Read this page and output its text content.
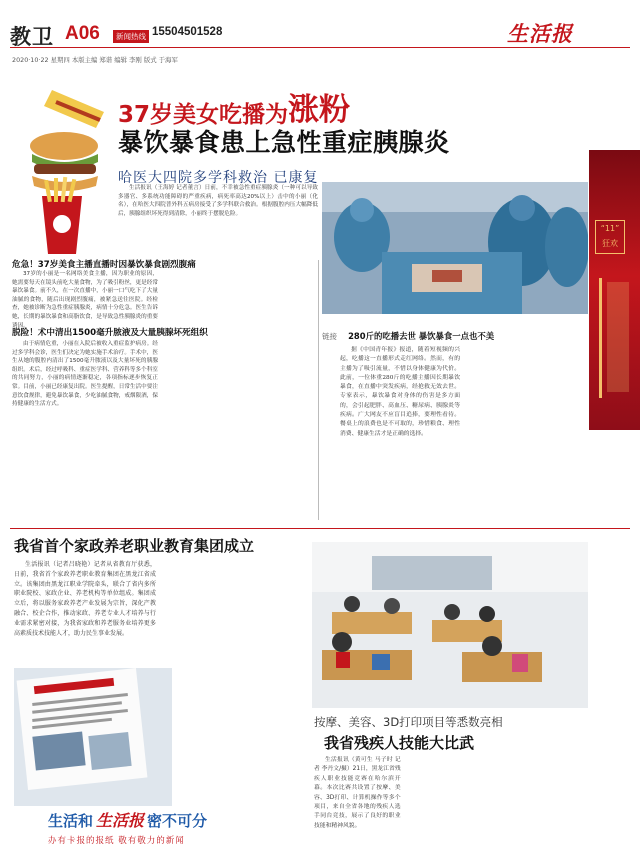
教卫 A06	新闻热线 15504501528
2020·10·22 星期四 本版主编 郑谐 编辑 李刚 版式 于海军
生活报
“11”
狂欢
37岁美女吃播为涨粉
暴饮暴食患上急性重症胰腺炎
哈医大四院多学科救治 已康复
生活报讯（王海婷 记者董言）日前，不幸被急性重症胰腺炎（一种可以导致多器官、多系统功能障碍的严重疾病，病死率高达20%以上）击中的小丽（化名），在哈医大四院普外科五病房接受了多学科联合救治。根据腹腔内压大幅降低后，胰腺组织坏死得到清除，小丽终于摆脱危险。
危急！37岁美食主播直播时因暴饮暴食剧烈腹痛
37岁的小丽是一名网络美食主播，因为职业的原因，她需要每天在镜头前吃大量食物，为了吸引粉丝，更是经常暴饮暴食。前不久，在一次直播中，小丽一口气吃下了大量油腻的食物，随后出现剧烈腹痛，被紧急送往医院。经检查，她被诊断为急性重症胰腺炎，病情十分危急。医生告诉她，长期的暴饮暴食和高脂饮食，是导致急性胰腺炎的重要诱因。
脱险！术中清出1500毫升脓液及大量胰腺坏死组织
由于病情危重，小丽在入院后被收入重症监护病房。经过多学科会诊，医生们决定为她实施手术治疗。手术中，医生从她的腹腔内清出了1500毫升脓液以及大量坏死的胰腺组织。术后，经过呼吸科、重症医学科、营养科等多个科室的共同努力，小丽的病情逐渐稳定，各项指标逐步恢复正常。目前，小丽已经康复出院。医生提醒，日常生活中要注意饮食规律，避免暴饮暴食，少吃油腻食物，戒烟限酒，保持健康的生活方式。
链接 280斤的吃播去世 暴饮暴食一点也不美
据《中国青年报》报道，随着短视频的兴起，吃播这一直播形式走红网络。然而，有的主播为了吸引流量，不惜以身体健康为代价。此前，一位体重280斤的吃播主播因长期暴饮暴食，在直播中突发疾病，经抢救无效去世。专家表示，暴饮暴食对身体的伤害是多方面的，会引起肥胖、高血压、糖尿病、胰腺炎等疾病。广大网友不应盲目追捧，要理性看待。餐桌上的浪费也是不可取的，珍惜粮食、理性消费、健康生活才是正确的选择。
我省首个家政养老职业教育集团成立
生活报讯（记者吕晓艳）记者从省教育厅获悉，日前，我省首个家政养老职业教育集团在黑龙江省成立。该集团由黑龙江职业学院牵头，联合了省内多所职业院校、家政企业、养老机构等单位组成。集团成立后，将以服务家政养老产业发展为宗旨，深化产教融合、校企合作，推动家政、养老专业人才培养与行业需求紧密对接，为我省家政和养老服务业培养更多高素质技术技能人才，助力民生事业发展。
按摩、美容、3D打印项目等悉数亮相
我省残疾人技能大比武
生活报讯（黄可生 马子时 记者 李丹文/摄）21日，黑龙江省残疾人职业技能竞赛在哈尔滨开幕。本次比赛共设置了按摩、美容、3D打印、计算机操作等多个项目，来自全省各地的残疾人选手同台竞技，展示了良好的职业技能和精神风貌。
生活和 生活报 密不可分
办有卡报的报纸 敬有敬力的新闻
